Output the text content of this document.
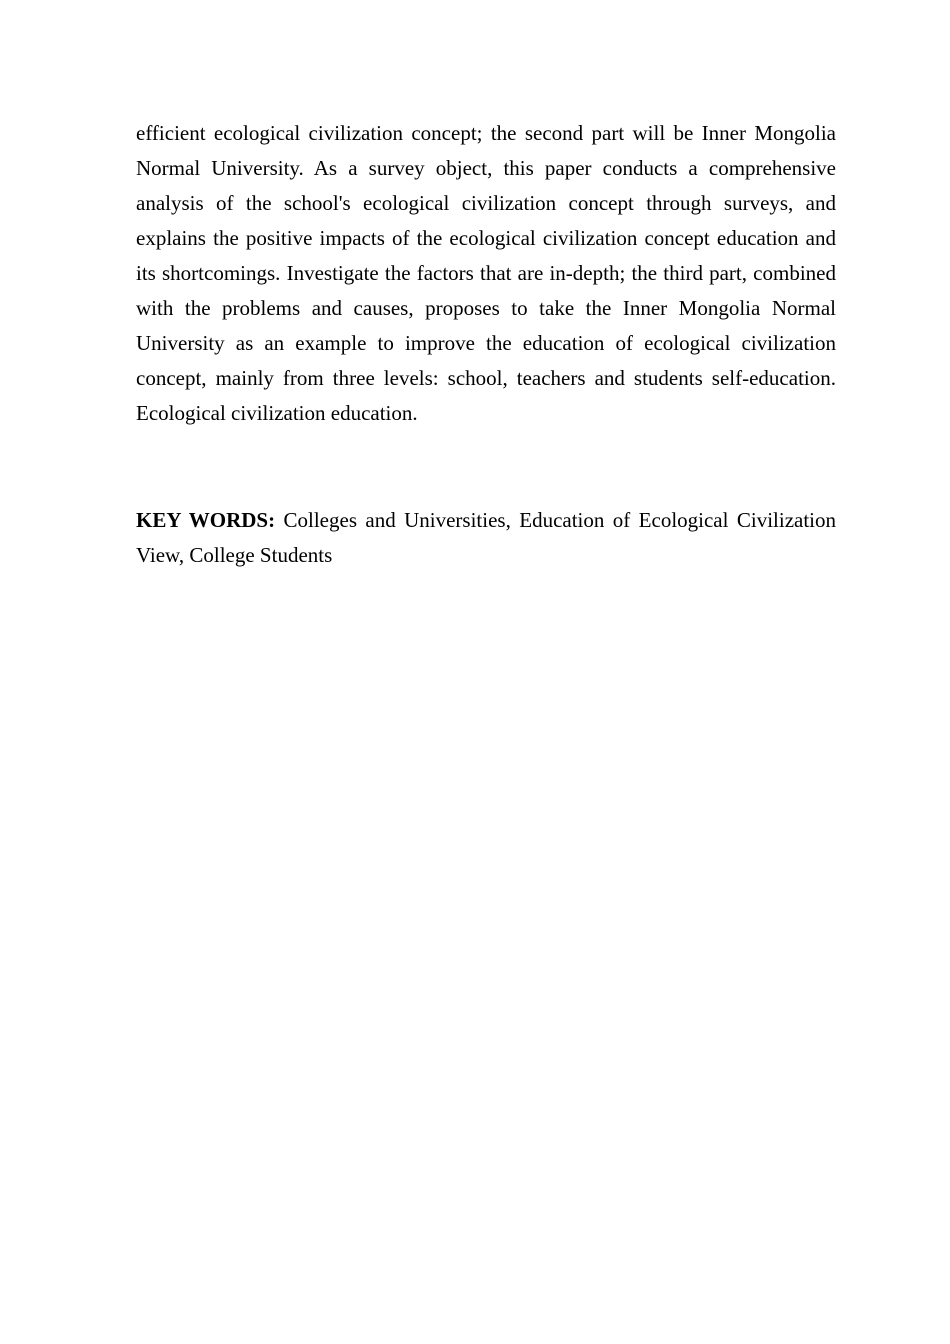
efficient ecological civilization concept; the second part will be Inner Mongolia Normal University. As a survey object, this paper conducts a comprehensive analysis of the school's ecological civilization concept through surveys, and explains the positive impacts of the ecological civilization concept education and its shortcomings. Investigate the factors that are in-depth; the third part, combined with the problems and causes, proposes to take the Inner Mongolia Normal University as an example to improve the education of ecological civilization concept, mainly from three levels: school, teachers and students self-education. Ecological civilization education.

KEY WORDS: Colleges and Universities, Education of Ecological Civilization View, College Students
